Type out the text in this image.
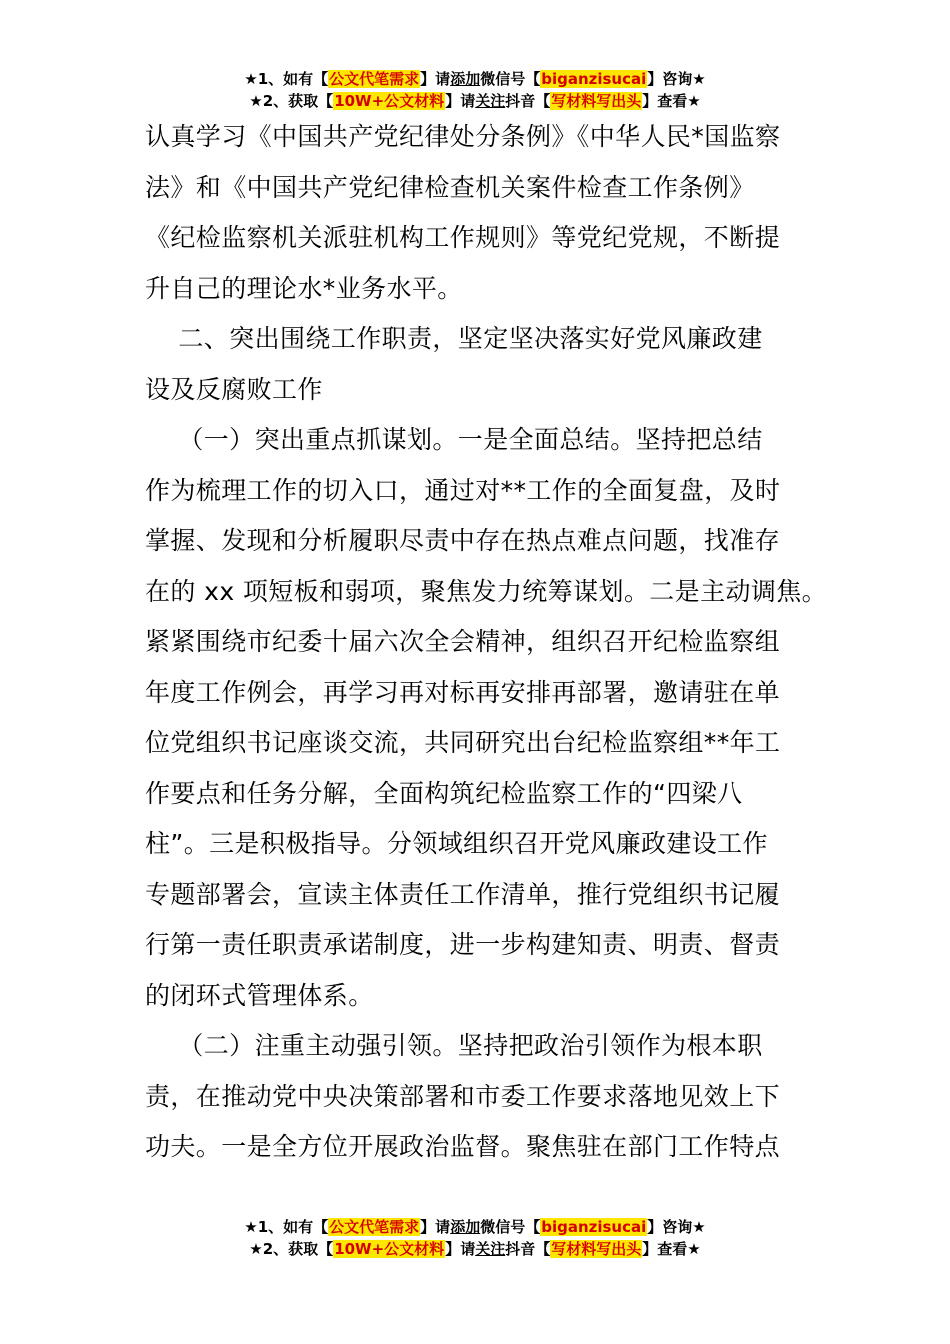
★1、如有【公文代笔需求】请添加微信号【biganzisucai】咨询★
★2、获取【10W+公文材料】请关注抖音【写材料写出头】查看★

认真学习《中国共产党纪律处分条例》《中华人民*国监察

法》和《中国共产党纪律检查机关案件检查工作条例》

《纪检监察机关派驻机构工作规则》等党纪党规，不断提

升自己的理论水*业务水平。

二、突出围绕工作职责，坚定坚决落实好党风廉政建

设及反腐败工作

（一）突出重点抓谋划。一是全面总结。坚持把总结

作为梳理工作的切入口，通过对**工作的全面复盘，及时

掌握、发现和分析履职尽责中存在热点难点问题，找准存

在的 xx 项短板和弱项，聚焦发力统筹谋划。二是主动调焦。

紧紧围绕市纪委十届六次全会精神，组织召开纪检监察组

年度工作例会，再学习再对标再安排再部署，邀请驻在单

位党组织书记座谈交流，共同研究出台纪检监察组**年工

作要点和任务分解，全面构筑纪检监察工作的“四梁八

柱”。三是积极指导。分领域组织召开党风廉政建设工作

专题部署会，宣读主体责任工作清单，推行党组织书记履

行第一责任职责承诺制度，进一步构建知责、明责、督责

的闭环式管理体系。

（二）注重主动强引领。坚持把政治引领作为根本职

责，在推动党中央决策部署和市委工作要求落地见效上下

功夫。一是全方位开展政治监督。聚焦驻在部门工作特点

★1、如有【公文代笔需求】请添加微信号【biganzisucai】咨询★
★2、获取【10W+公文材料】请关注抖音【写材料写出头】查看★
